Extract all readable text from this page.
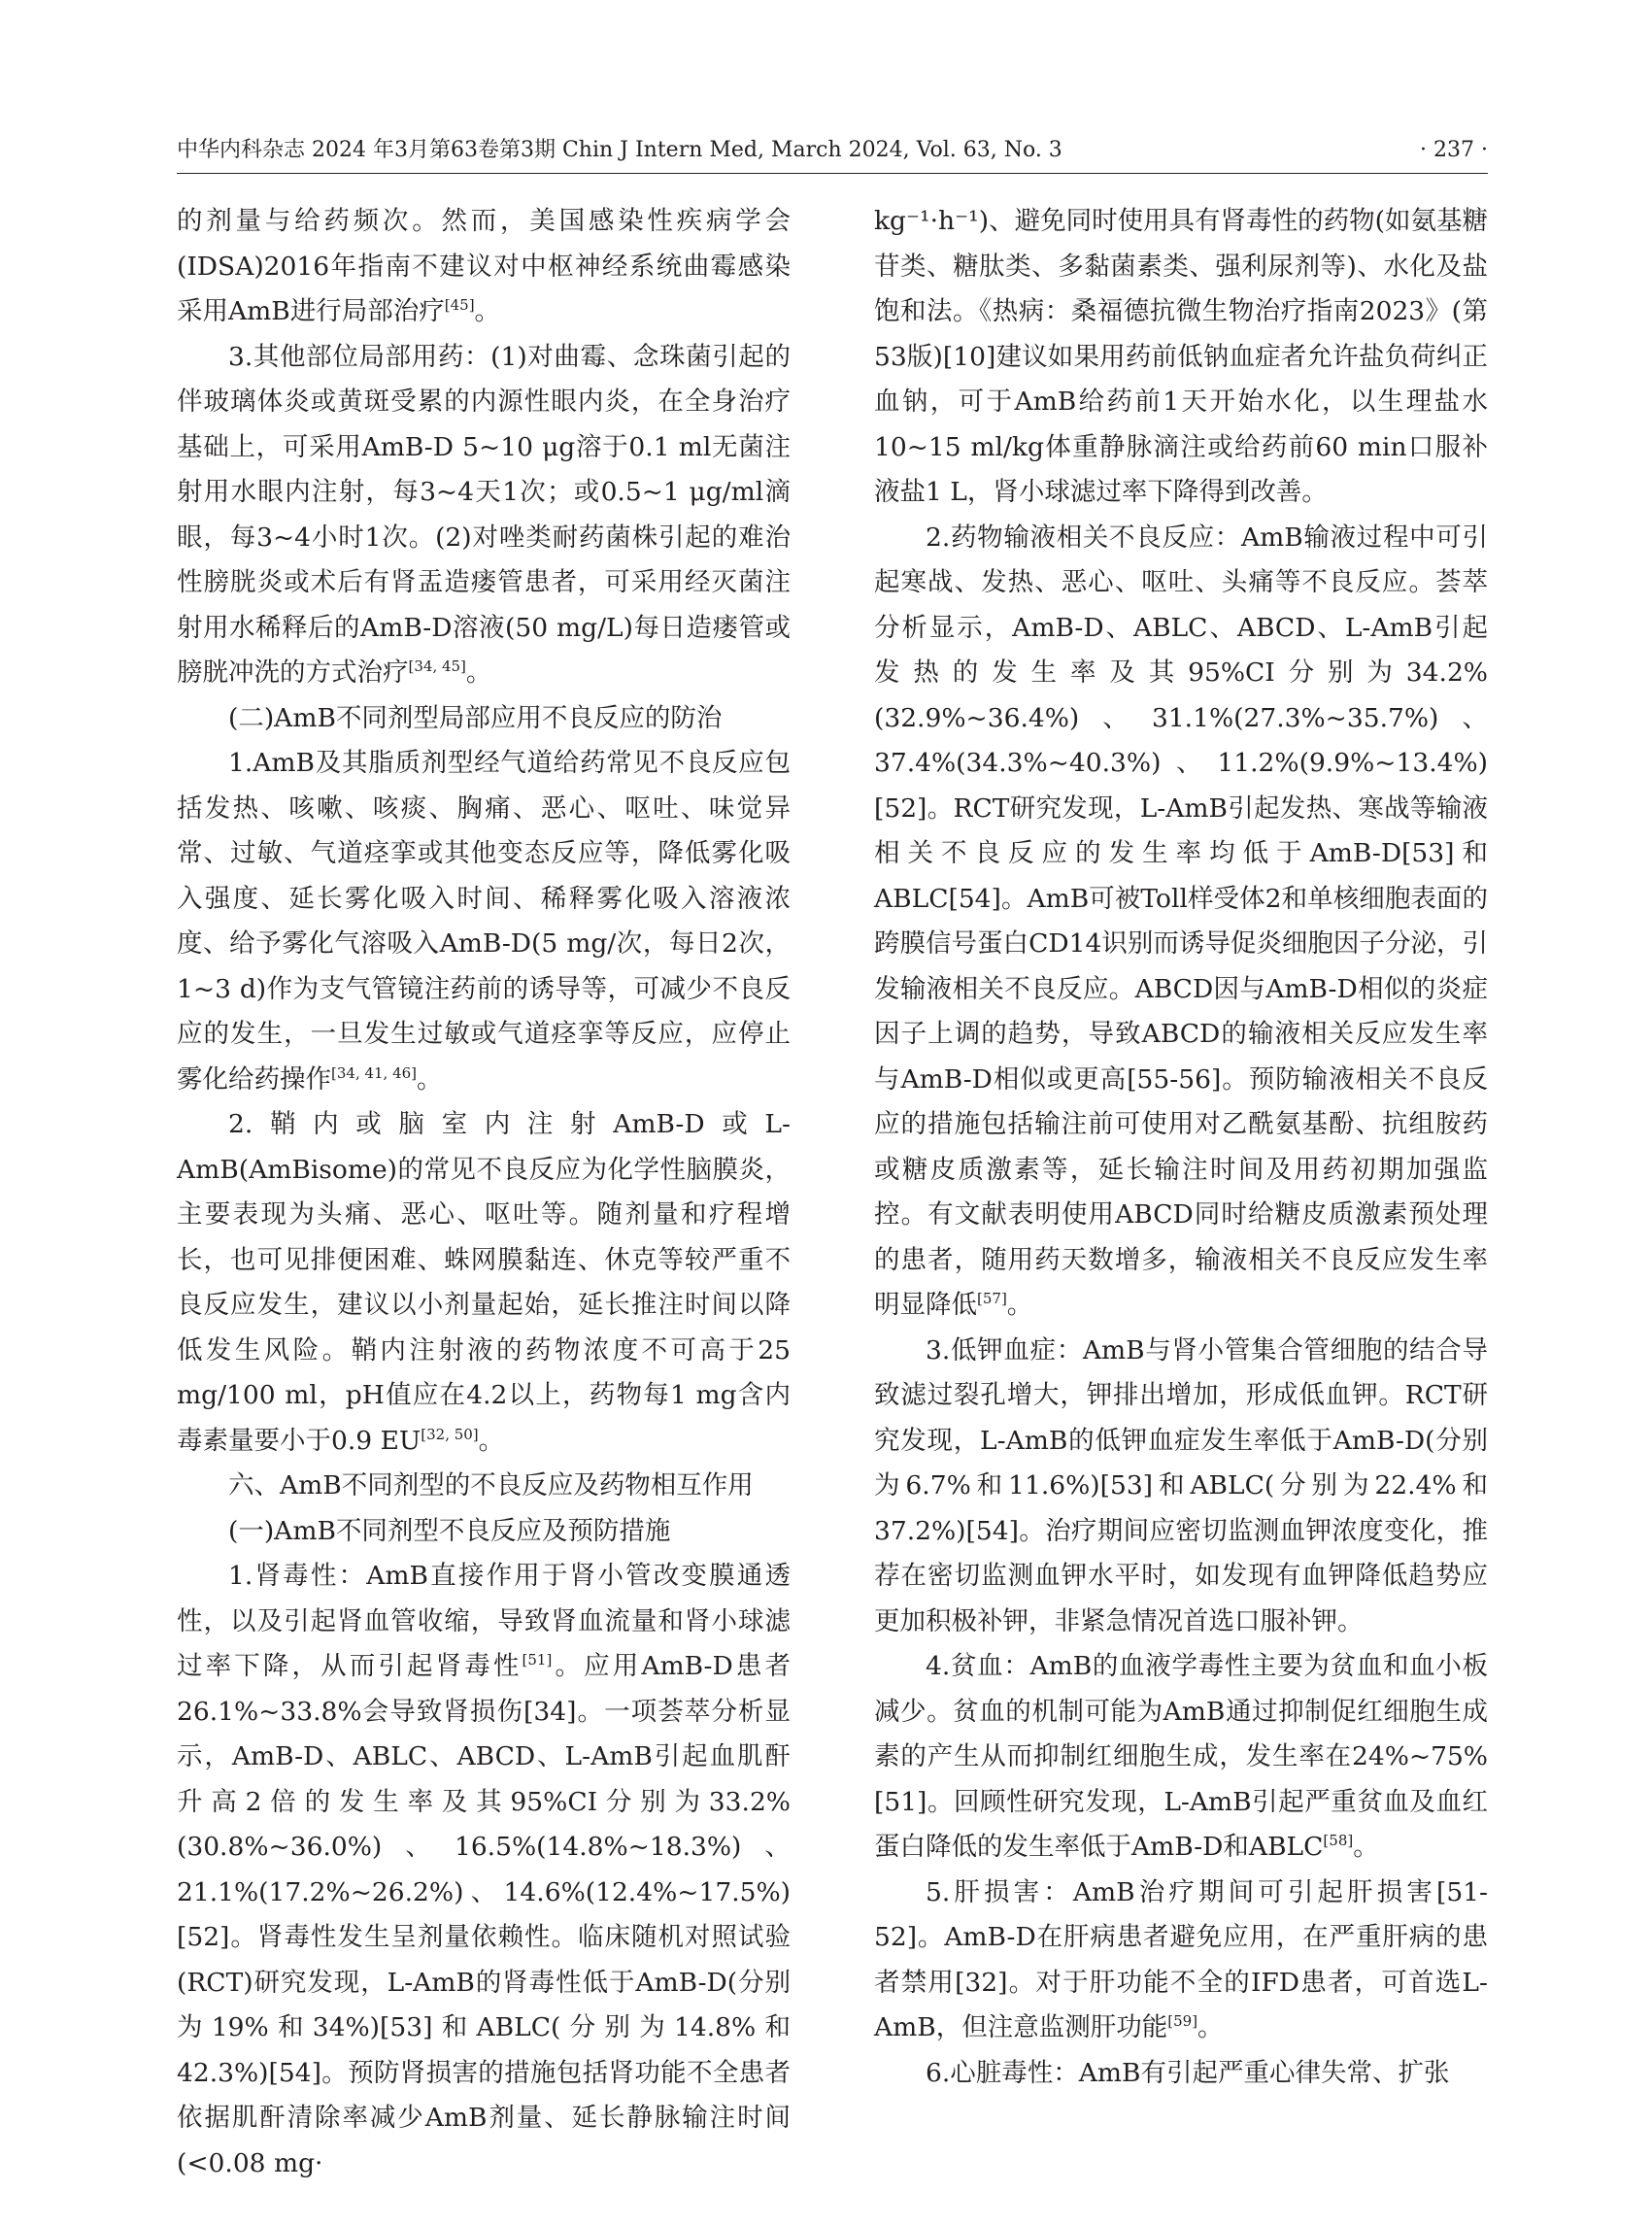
中华内科杂志 2024 年3月第63卷第3期 Chin J Intern Med, March 2024, Vol. 63, No. 3	· 237 ·

的剂量与给药频次。然而，美国感染性疾病学会(IDSA)2016年指南不建议对中枢神经系统曲霉感染采用AmB进行局部治疗[45]。

3.其他部位局部用药：(1)对曲霉、念珠菌引起的伴玻璃体炎或黄斑受累的内源性眼内炎，在全身治疗基础上，可采用AmB-D 5~10 μg溶于0.1 ml无菌注射用水眼内注射，每3~4天1次；或0.5~1 μg/ml滴眼，每3~4小时1次。(2)对唑类耐药菌株引起的难治性膀胱炎或术后有肾盂造瘘管患者，可采用经灭菌注射用水稀释后的AmB-D溶液(50 mg/L)每日造瘘管或膀胱冲洗的方式治疗[34, 45]。

(二)AmB不同剂型局部应用不良反应的防治

1.AmB及其脂质剂型经气道给药常见不良反应包括发热、咳嗽、咳痰、胸痛、恶心、呕吐、味觉异常、过敏、气道痉挛或其他变态反应等，降低雾化吸入强度、延长雾化吸入时间、稀释雾化吸入溶液浓度、给予雾化气溶吸入AmB-D(5 mg/次，每日2次，1~3 d)作为支气管镜注药前的诱导等，可减少不良反应的发生，一旦发生过敏或气道痉挛等反应，应停止雾化给药操作[34, 41, 46]。

2.鞘内或脑室内注射AmB-D或L-AmB(AmBisome)的常见不良反应为化学性脑膜炎，主要表现为头痛、恶心、呕吐等。随剂量和疗程增长，也可见排便困难、蛛网膜黏连、休克等较严重不良反应发生，建议以小剂量起始，延长推注时间以降低发生风险。鞘内注射液的药物浓度不可高于25 mg/100 ml，pH值应在4.2以上，药物每1 mg含内毒素量要小于0.9 EU[32, 50]。

六、AmB不同剂型的不良反应及药物相互作用

(一)AmB不同剂型不良反应及预防措施

1.肾毒性：AmB直接作用于肾小管改变膜通透性，以及引起肾血管收缩，导致肾血流量和肾小球滤过率下降，从而引起肾毒性[51]。应用AmB-D患者26.1%~33.8%会导致肾损伤[34]。一项荟萃分析显示，AmB-D、ABLC、ABCD、L-AmB引起血肌酐升高2倍的发生率及其95%CI分别为33.2%(30.8%~36.0%)、16.5%(14.8%~18.3%)、21.1%(17.2%~26.2%)、14.6%(12.4%~17.5%)[52]。肾毒性发生呈剂量依赖性。临床随机对照试验(RCT)研究发现，L-AmB的肾毒性低于AmB-D(分别为19%和34%)[53]和ABLC(分别为14.8%和42.3%)[54]。预防肾损害的措施包括肾功能不全患者依据肌酐清除率减少AmB剂量、延长静脉输注时间(<0.08 mg·

kg⁻¹·h⁻¹)、避免同时使用具有肾毒性的药物(如氨基糖苷类、糖肽类、多黏菌素类、强利尿剂等)、水化及盐饱和法。《热病：桑福德抗微生物治疗指南2023》(第53版)[10]建议如果用药前低钠血症者允许盐负荷纠正血钠，可于AmB给药前1天开始水化，以生理盐水10~15 ml/kg体重静脉滴注或给药前60 min口服补液盐1 L，肾小球滤过率下降得到改善。

2.药物输液相关不良反应：AmB输液过程中可引起寒战、发热、恶心、呕吐、头痛等不良反应。荟萃分析显示，AmB-D、ABLC、ABCD、L-AmB引起发热的发生率及其95%CI分别为34.2%(32.9%~36.4%)、31.1%(27.3%~35.7%)、37.4%(34.3%~40.3%)、11.2%(9.9%~13.4%)[52]。RCT研究发现，L-AmB引起发热、寒战等输液相关不良反应的发生率均低于AmB-D[53]和ABLC[54]。AmB可被Toll样受体2和单核细胞表面的跨膜信号蛋白CD14识别而诱导促炎细胞因子分泌，引发输液相关不良反应。ABCD因与AmB-D相似的炎症因子上调的趋势，导致ABCD的输液相关反应发生率与AmB-D相似或更高[55-56]。预防输液相关不良反应的措施包括输注前可使用对乙酰氨基酚、抗组胺药或糖皮质激素等，延长输注时间及用药初期加强监控。有文献表明使用ABCD同时给糖皮质激素预处理的患者，随用药天数增多，输液相关不良反应发生率明显降低[57]。

3.低钾血症：AmB与肾小管集合管细胞的结合导致滤过裂孔增大，钾排出增加，形成低血钾。RCT研究发现，L-AmB的低钾血症发生率低于AmB-D(分别为6.7%和11.6%)[53]和ABLC(分别为22.4%和37.2%)[54]。治疗期间应密切监测血钾浓度变化，推荐在密切监测血钾水平时，如发现有血钾降低趋势应更加积极补钾，非紧急情况首选口服补钾。

4.贫血：AmB的血液学毒性主要为贫血和血小板减少。贫血的机制可能为AmB通过抑制促红细胞生成素的产生从而抑制红细胞生成，发生率在24%~75%[51]。回顾性研究发现，L-AmB引起严重贫血及血红蛋白降低的发生率低于AmB-D和ABLC[58]。

5.肝损害：AmB治疗期间可引起肝损害[51-52]。AmB-D在肝病患者避免应用，在严重肝病的患者禁用[32]。对于肝功能不全的IFD患者，可首选L-AmB，但注意监测肝功能[59]。

6.心脏毒性：AmB有引起严重心律失常、扩张
